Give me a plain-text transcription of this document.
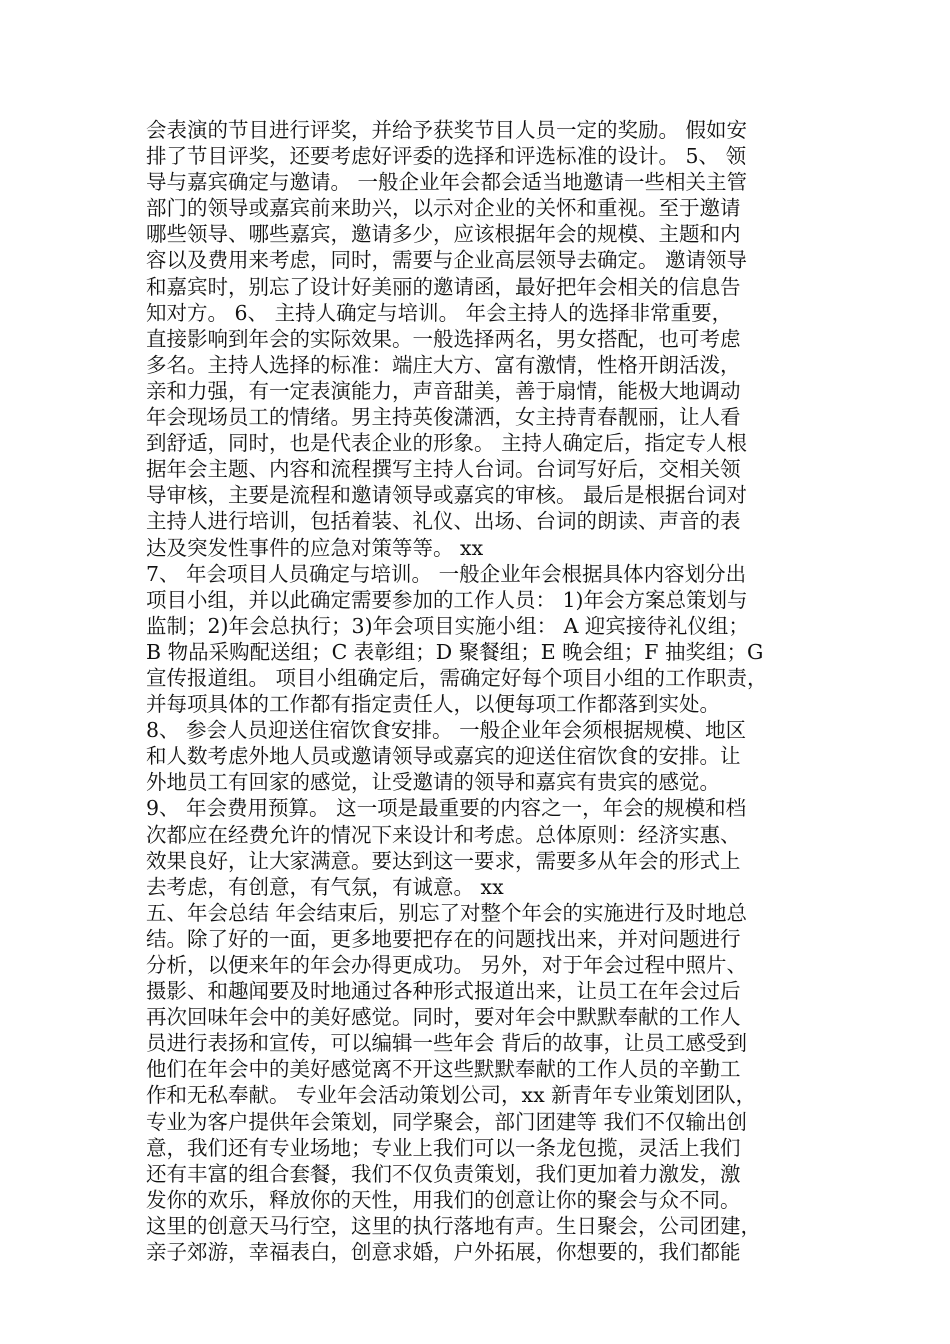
会表演的节目进行评奖，并给予获奖节目人员一定的奖励。 假如安
排了节目评奖，还要考虑好评委的选择和评选标准的设计。 5、 领
导与嘉宾确定与邀请。 一般企业年会都会适当地邀请一些相关主管
部门的领导或嘉宾前来助兴，以示对企业的关怀和重视。至于邀请
哪些领导、哪些嘉宾，邀请多少，应该根据年会的规模、主题和内
容以及费用来考虑，同时，需要与企业高层领导去确定。 邀请领导
和嘉宾时，别忘了设计好美丽的邀请函，最好把年会相关的信息告
知对方。 6、 主持人确定与培训。 年会主持人的选择非常重要，
直接影响到年会的实际效果。一般选择两名，男女搭配，也可考虑
多名。主持人选择的标准：端庄大方、富有激情，性格开朗活泼，
亲和力强，有一定表演能力，声音甜美，善于扇情，能极大地调动
年会现场员工的情绪。男主持英俊潇洒，女主持青春靓丽，让人看
到舒适，同时，也是代表企业的形象。 主持人确定后，指定专人根
据年会主题、内容和流程撰写主持人台词。台词写好后，交相关领
导审核，主要是流程和邀请领导或嘉宾的审核。 最后是根据台词对
主持人进行培训，包括着装、礼仪、出场、台词的朗读、声音的表
达及突发性事件的应急对策等等。 xx
7、 年会项目人员确定与培训。 一般企业年会根据具体内容划分出
项目小组，并以此确定需要参加的工作人员： 1)年会方案总策划与
监制；2)年会总执行；3)年会项目实施小组： A 迎宾接待礼仪组；
B 物品采购配送组；C 表彰组；D 聚餐组；E 晚会组；F 抽奖组；G
宣传报道组。 项目小组确定后，需确定好每个项目小组的工作职责，
并每项具体的工作都有指定责任人，以便每项工作都落到实处。
8、 参会人员迎送住宿饮食安排。 一般企业年会须根据规模、地区
和人数考虑外地人员或邀请领导或嘉宾的迎送住宿饮食的安排。让
外地员工有回家的感觉，让受邀请的领导和嘉宾有贵宾的感觉。
9、 年会费用预算。 这一项是最重要的内容之一，年会的规模和档
次都应在经费允许的情况下来设计和考虑。总体原则：经济实惠、
效果良好，让大家满意。要达到这一要求，需要多从年会的形式上
去考虑，有创意，有气氛，有诚意。 xx
五、年会总结 年会结束后，别忘了对整个年会的实施进行及时地总
结。除了好的一面，更多地要把存在的问题找出来，并对问题进行
分析，以便来年的年会办得更成功。 另外，对于年会过程中照片、
摄影、和趣闻要及时地通过各种形式报道出来，让员工在年会过后
再次回味年会中的美好感觉。同时，要对年会中默默奉献的工作人
员进行表扬和宣传，可以编辑一些年会 背后的故事，让员工感受到
他们在年会中的美好感觉离不开这些默默奉献的工作人员的辛勤工
作和无私奉献。 专业年会活动策划公司，xx 新青年专业策划团队，
专业为客户提供年会策划，同学聚会，部门团建等 我们不仅输出创
意，我们还有专业场地；专业上我们可以一条龙包揽，灵活上我们
还有丰富的组合套餐，我们不仅负责策划，我们更加着力激发，激
发你的欢乐，释放你的天性，用我们的创意让你的聚会与众不同。
这里的创意天马行空，这里的执行落地有声。生日聚会，公司团建，
亲子郊游，幸福表白，创意求婚，户外拓展，你想要的，我们都能
